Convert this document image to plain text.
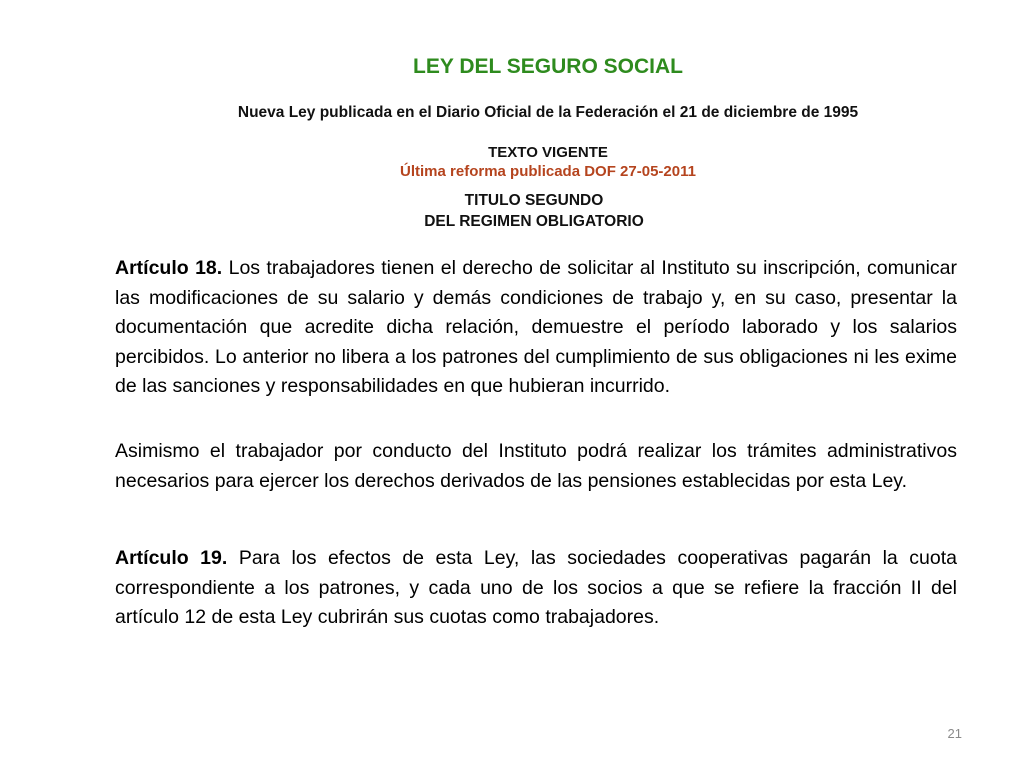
LEY DEL SEGURO SOCIAL
Nueva Ley publicada en el Diario Oficial de la Federación el 21 de diciembre de 1995
TEXTO VIGENTE
Última reforma publicada DOF 27-05-2011
TITULO SEGUNDO
DEL REGIMEN OBLIGATORIO

Artículo 18. Los trabajadores tienen el derecho de solicitar al Instituto su inscripción, comunicar las modificaciones de su salario y demás condiciones de trabajo y, en su caso, presentar la documentación que acredite dicha relación, demuestre el período laborado y los salarios percibidos. Lo anterior no libera a los patrones del cumplimiento de sus obligaciones ni les exime de las sanciones y responsabilidades en que hubieran incurrido.

Asimismo el trabajador por conducto del Instituto podrá realizar los trámites administrativos necesarios para ejercer los derechos derivados de las pensiones establecidas por esta Ley.

Artículo 19. Para los efectos de esta Ley, las sociedades cooperativas pagarán la cuota correspondiente a los patrones, y cada uno de los socios a que se refiere la fracción II del artículo 12 de esta Ley cubrirán sus cuotas como trabajadores.

21
